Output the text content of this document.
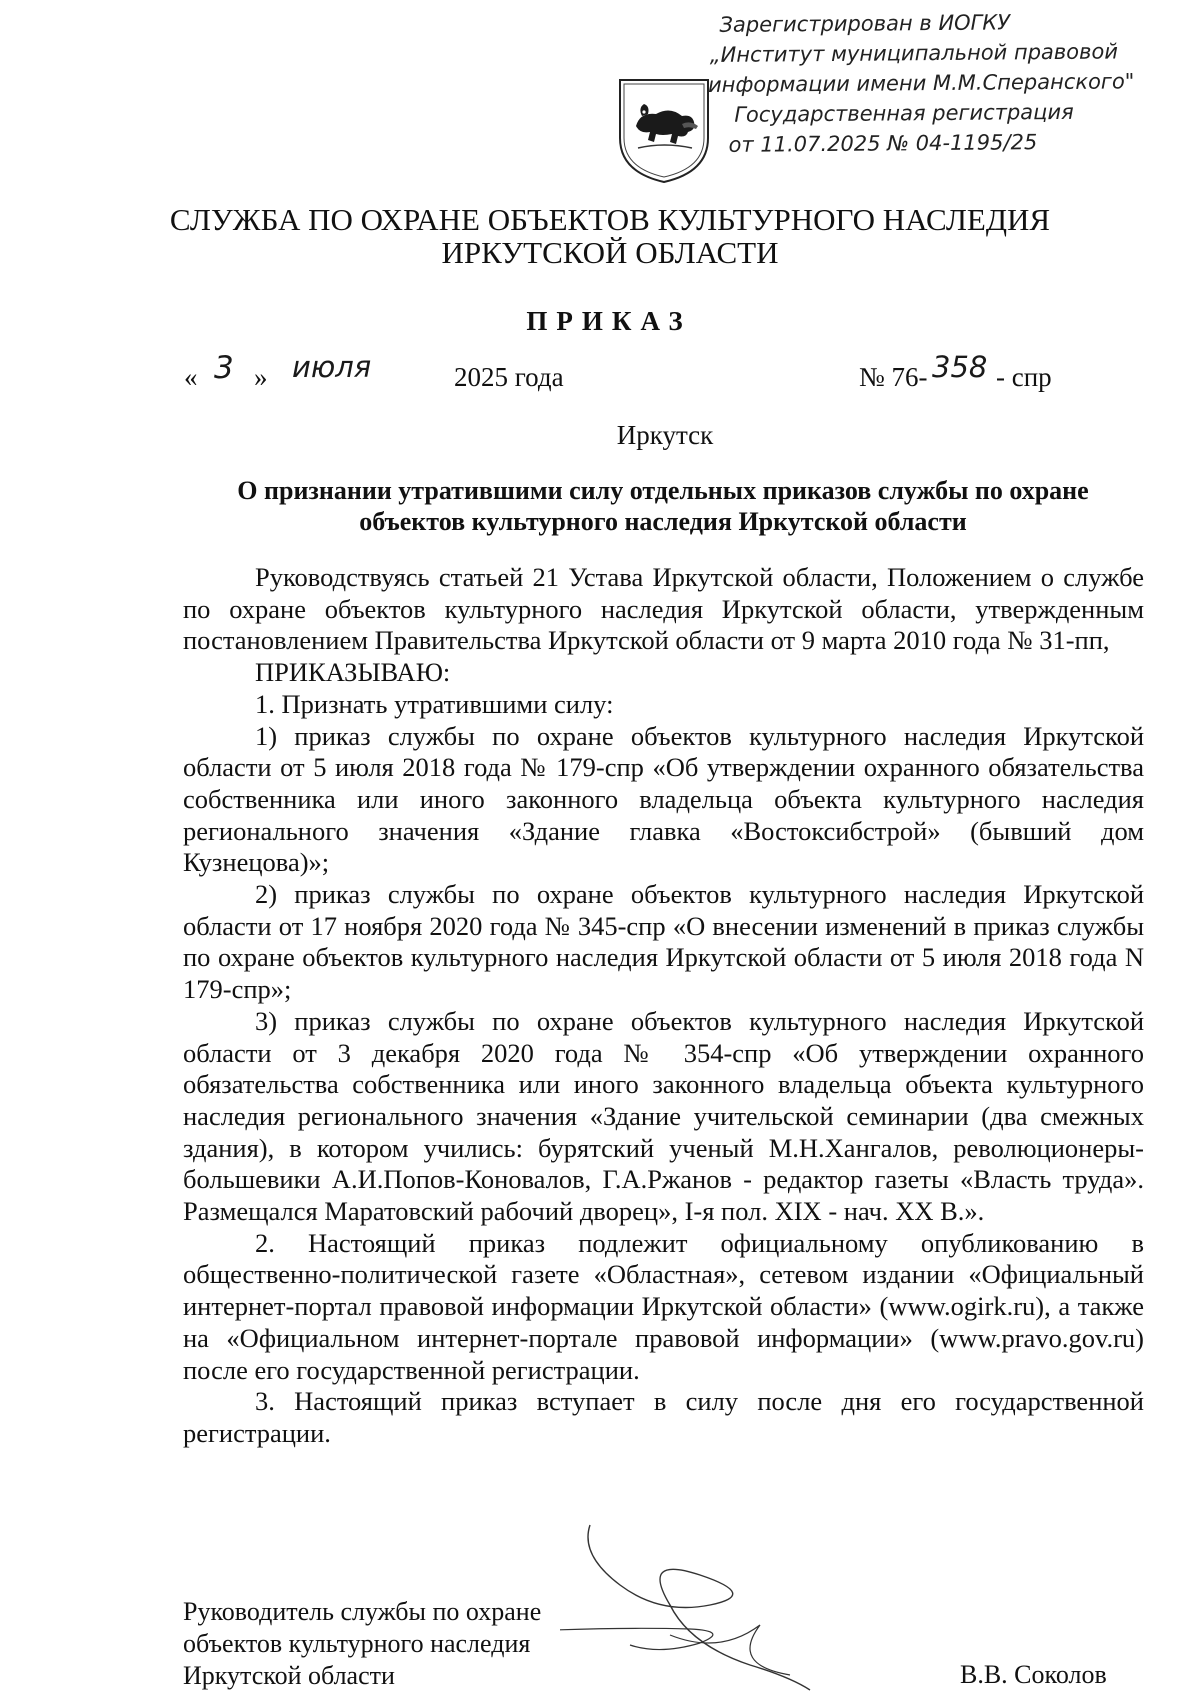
Зарегистрирован в ИОГКУ
„Институт муниципальной правовой
информации имени М.М.Сперанского"
Государственная регистрация
от 11.07.2025 № 04-1195/25
СЛУЖБА ПО ОХРАНЕ ОБЪЕКТОВ КУЛЬТУРНОГО НАСЛЕДИЯ
ИРКУТСКОЙ ОБЛАСТИ
ПРИКАЗ
« 3 » июля	2025 года	№ 76- 358 - спр
Иркутск
О признании утратившими силу отдельных приказов службы по охране объектов культурного наследия Иркутской области

Руководствуясь статьей 21 Устава Иркутской области, Положением о службе по охране объектов культурного наследия Иркутской области, утвержденным постановлением Правительства Иркутской области от 9 марта 2010 года № 31-пп,

ПРИКАЗЫВАЮ:

1. Признать утратившими силу:

1) приказ службы по охране объектов культурного наследия Иркутской области от 5 июля 2018 года № 179-спр «Об утверждении охранного обязательства собственника или иного законного владельца объекта культурного наследия регионального значения «Здание главка «Востоксибстрой» (бывший дом Кузнецова)»;

2) приказ службы по охране объектов культурного наследия Иркутской области от 17 ноября 2020 года № 345-спр «О внесении изменений в приказ службы по охране объектов культурного наследия Иркутской области от 5 июля 2018 года N 179-спр»;

3) приказ службы по охране объектов культурного наследия Иркутской области от 3 декабря 2020 года № 354-спр «Об утверждении охранного обязательства собственника или иного законного владельца объекта культурного наследия регионального значения «Здание учительской семинарии (два смежных здания), в котором учились: бурятский ученый М.Н.Хангалов, революционеры-большевики А.И.Попов-Коновалов, Г.А.Ржанов - редактор газеты «Власть труда». Размещался Маратовский рабочий дворец», I-я пол. XIX - нач. XX В.».

2. Настоящий приказ подлежит официальному опубликованию в общественно-политической газете «Областная», сетевом издании «Официальный интернет-портал правовой информации Иркутской области» (www.ogirk.ru), а также на «Официальном интернет-портале правовой информации» (www.pravo.gov.ru) после его государственной регистрации.

3. Настоящий приказ вступает в силу после дня его государственной регистрации.

Руководитель службы по охране
объектов культурного наследия
Иркутской области	В.В. Соколов
